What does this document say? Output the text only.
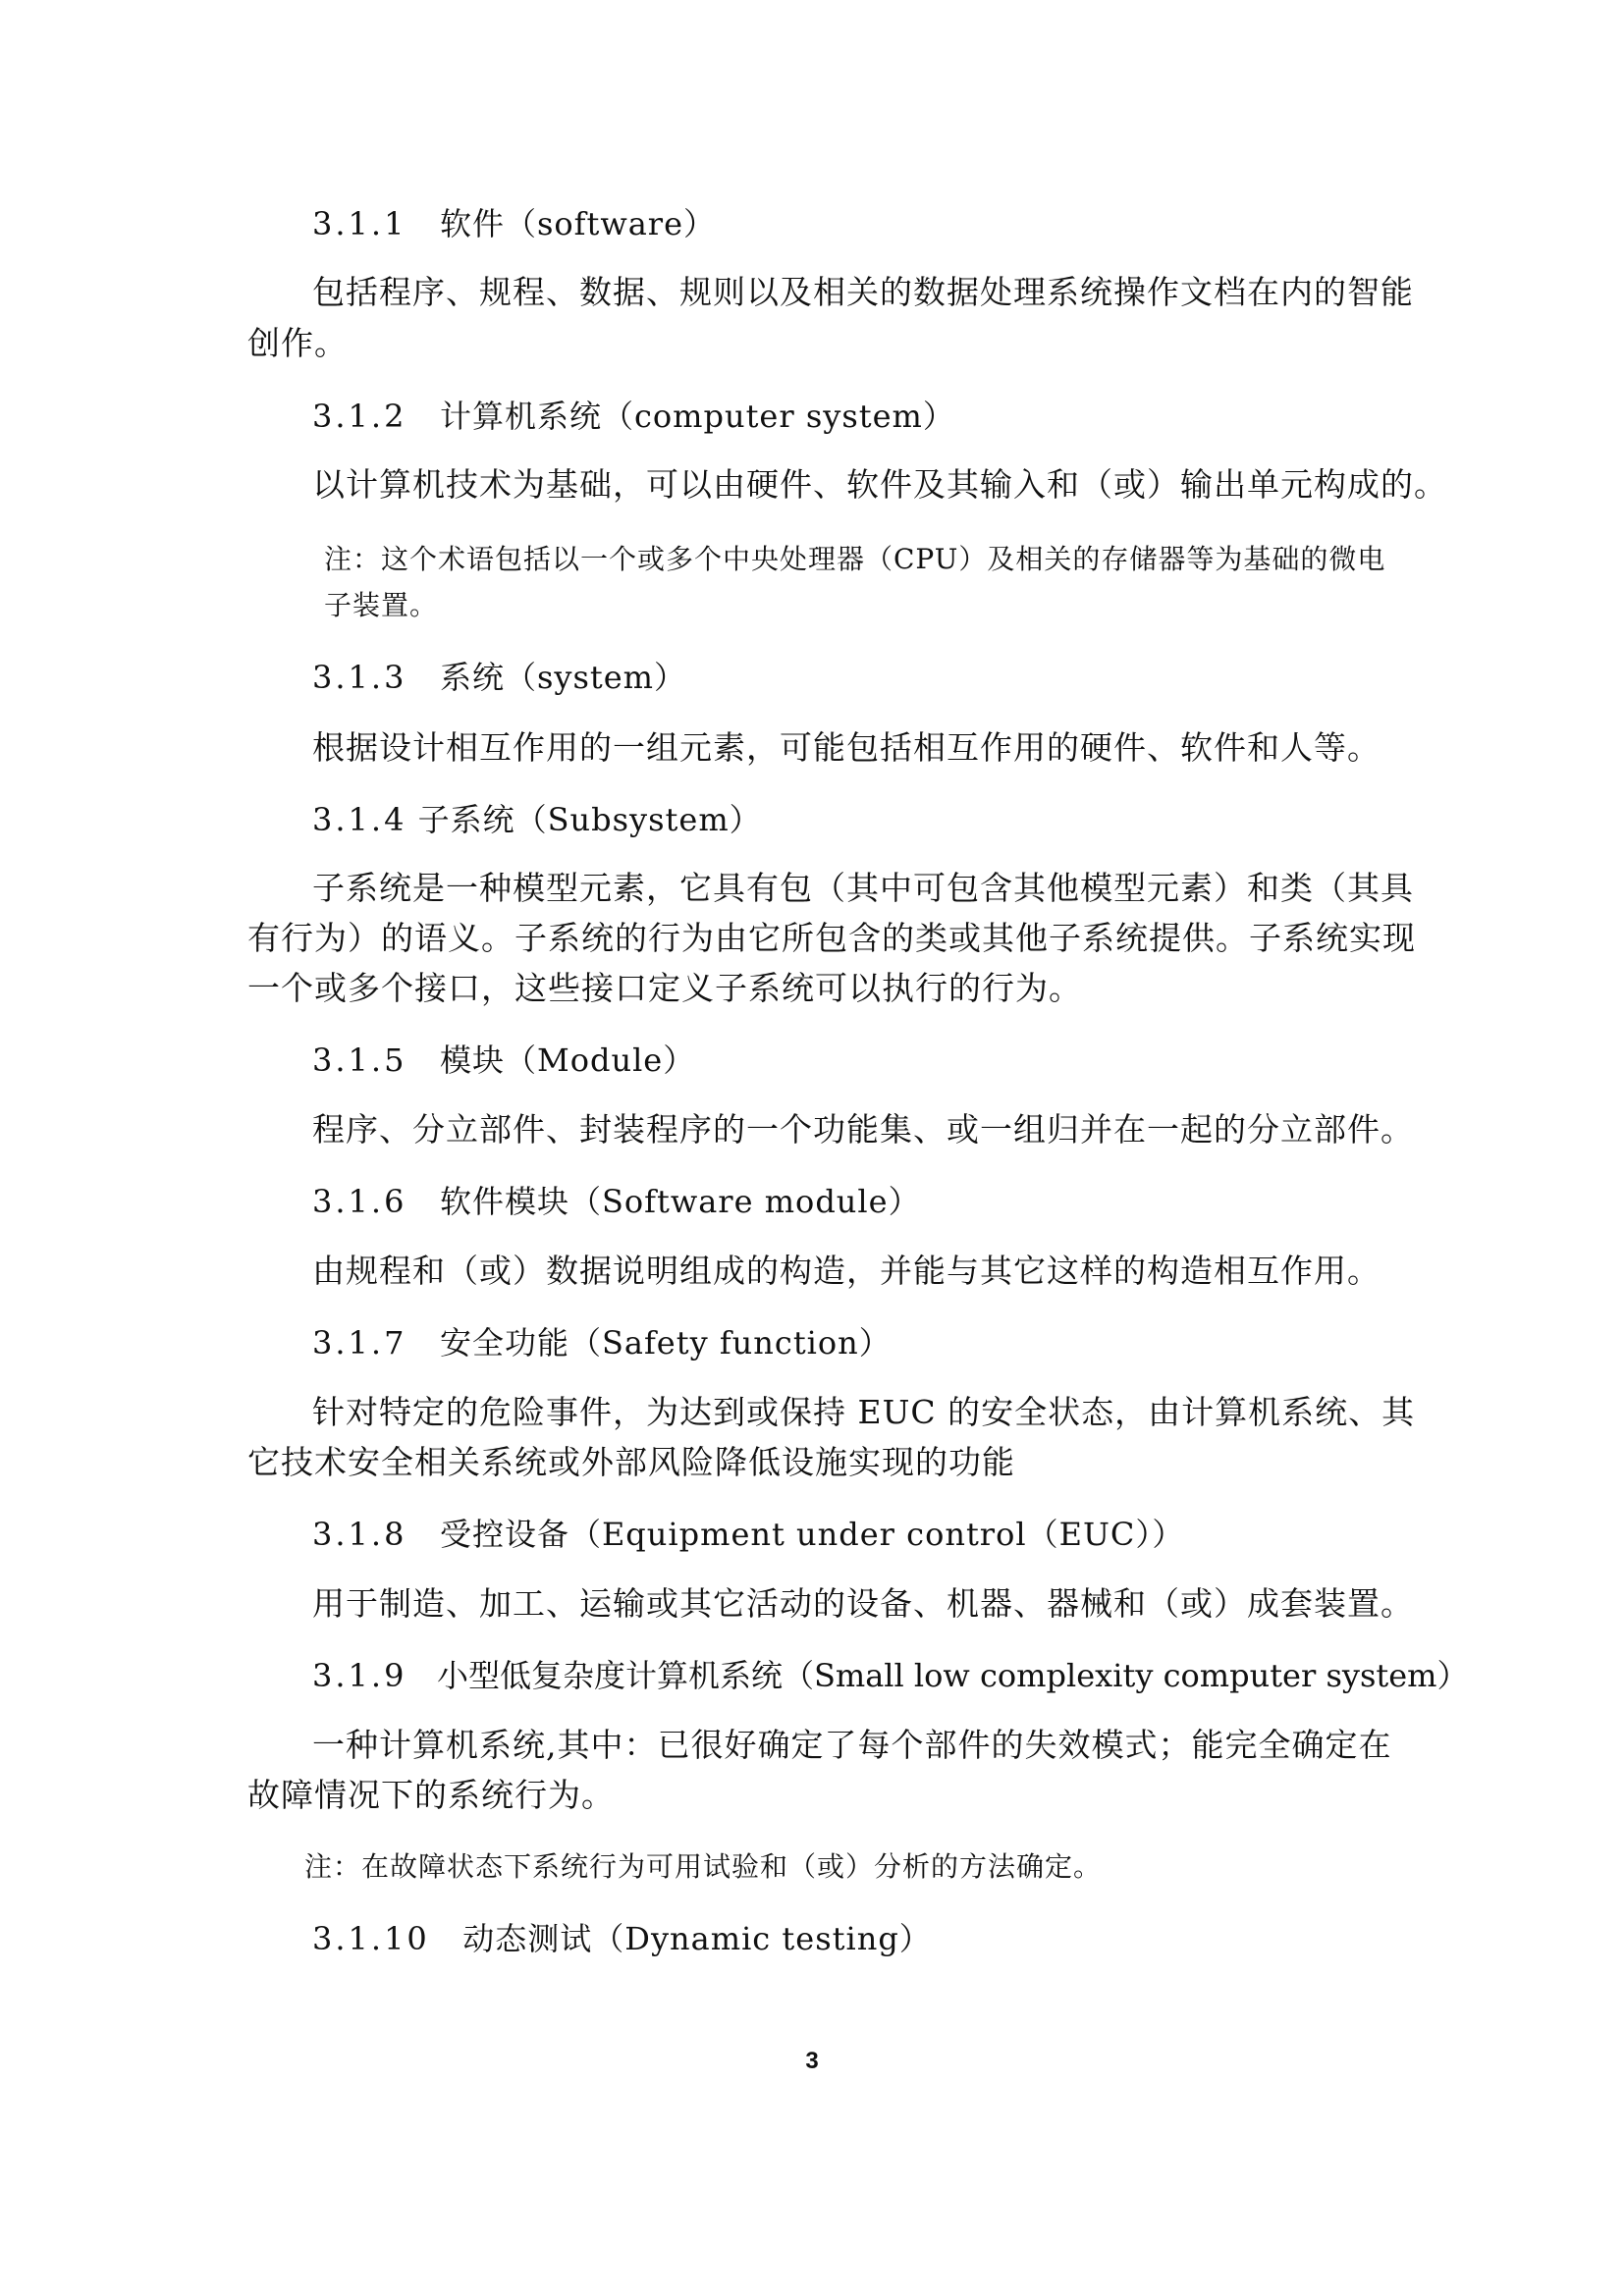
3.1.1 软件（software）
包括程序、规程、数据、规则以及相关的数据处理系统操作文档在内的智能
创作。
3.1.2 计算机系统（computer system）
以计算机技术为基础，可以由硬件、软件及其输入和（或）输出单元构成的。
注：这个术语包括以一个或多个中央处理器（CPU）及相关的存储器等为基础的微电
子装置。
3.1.3 系统（system）
根据设计相互作用的一组元素，可能包括相互作用的硬件、软件和人等。
3.1.4 子系统（Subsystem）
子系统是一种模型元素，它具有包（其中可包含其他模型元素）和类（其具
有行为）的语义。子系统的行为由它所包含的类或其他子系统提供。子系统实现
一个或多个接口，这些接口定义子系统可以执行的行为。
3.1.5 模块（Module）
程序、分立部件、封装程序的一个功能集、或一组归并在一起的分立部件。
3.1.6 软件模块（Software module）
由规程和（或）数据说明组成的构造，并能与其它这样的构造相互作用。
3.1.7 安全功能（Safety function）
针对特定的危险事件，为达到或保持 EUC 的安全状态，由计算机系统、其
它技术安全相关系统或外部风险降低设施实现的功能
3.1.8 受控设备（Equipment under control（EUC））
用于制造、加工、运输或其它活动的设备、机器、器械和（或）成套装置。
3.1.9 小型低复杂度计算机系统（Small low complexity computer system）
一种计算机系统,其中：已很好确定了每个部件的失效模式；能完全确定在
故障情况下的系统行为。
注：在故障状态下系统行为可用试验和（或）分析的方法确定。
3.1.10 动态测试（Dynamic testing）
3
